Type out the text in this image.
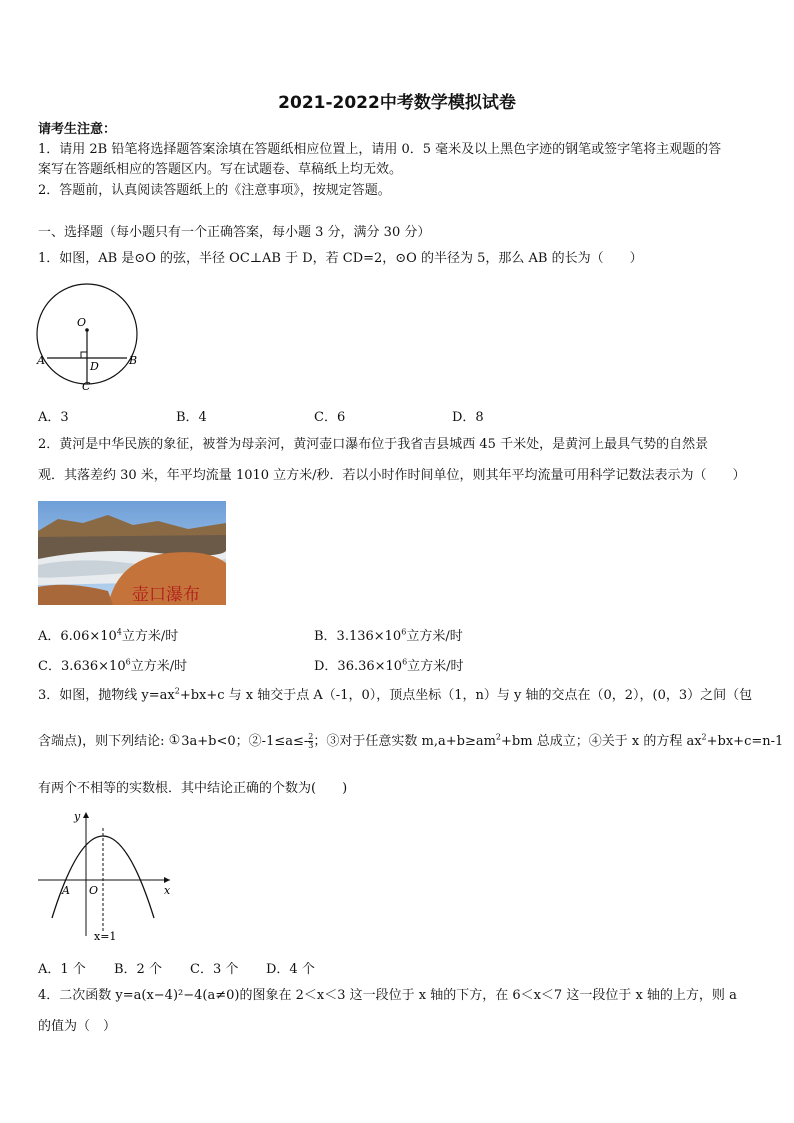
2021-2022中考数学模拟试卷
请考生注意：
1．请用 2B 铅笔将选择题答案涂填在答题纸相应位置上，请用 0．5 毫米及以上黑色字迹的钢笔或签字笔将主观题的答
案写在答题纸相应的答题区内。写在试题卷、草稿纸上均无效。
2．答题前，认真阅读答题纸上的《注意事项》，按规定答题。
一、选择题（每小题只有一个正确答案，每小题 3 分，满分 30 分）
1．如图，AB 是⊙O 的弦，半径 OC⊥AB 于 D，若 CD=2，⊙O 的半径为 5，那么 AB 的长为（　　）
O
A	B
D
C
A．3	B．4	C．6	D．8
2．黄河是中华民族的象征，被誉为母亲河，黄河壶口瀑布位于我省吉县城西 45 千米处，是黄河上最具气势的自然景
观．其落差约 30 米，年平均流量 1010 立方米/秒．若以小时作时间单位，则其年平均流量可用科学记数法表示为（　　）
壶口瀑布
A．$6.06\times 10^4$立方米/时	B．$3.136\times 10^6$立方米/时
C．$3.636\times 10^6$立方米/时	D．$36.36\times 10^6$立方米/时
3．如图，抛物线 $y=ax^2+bx+c$ 与 x 轴交于点 A（-1，0），顶点坐标（1，n）与 y 轴的交点在（0，2），(0，3）之间（包
含端点)，则下列结论: ①3a+b<0；②-1≤a≤- $\frac{2}{3}$ ；③对于任意实数 $m,a+b\ge am^2+bm$ 总成立；④关于 x 的方程 $ax^2+bx+c=n-1$
有两个不相等的实数根．其中结论正确的个数为(　　)
y
x
A O
x=1
A．1 个 B．2 个 C．3 个 D．4 个
4．二次函数 y=a(x−4)²−4(a≠0)的图象在 2＜x＜3 这一段位于 x 轴的下方，在 6＜x＜7 这一段位于 x 轴的上方，则 a
的值为（　）
